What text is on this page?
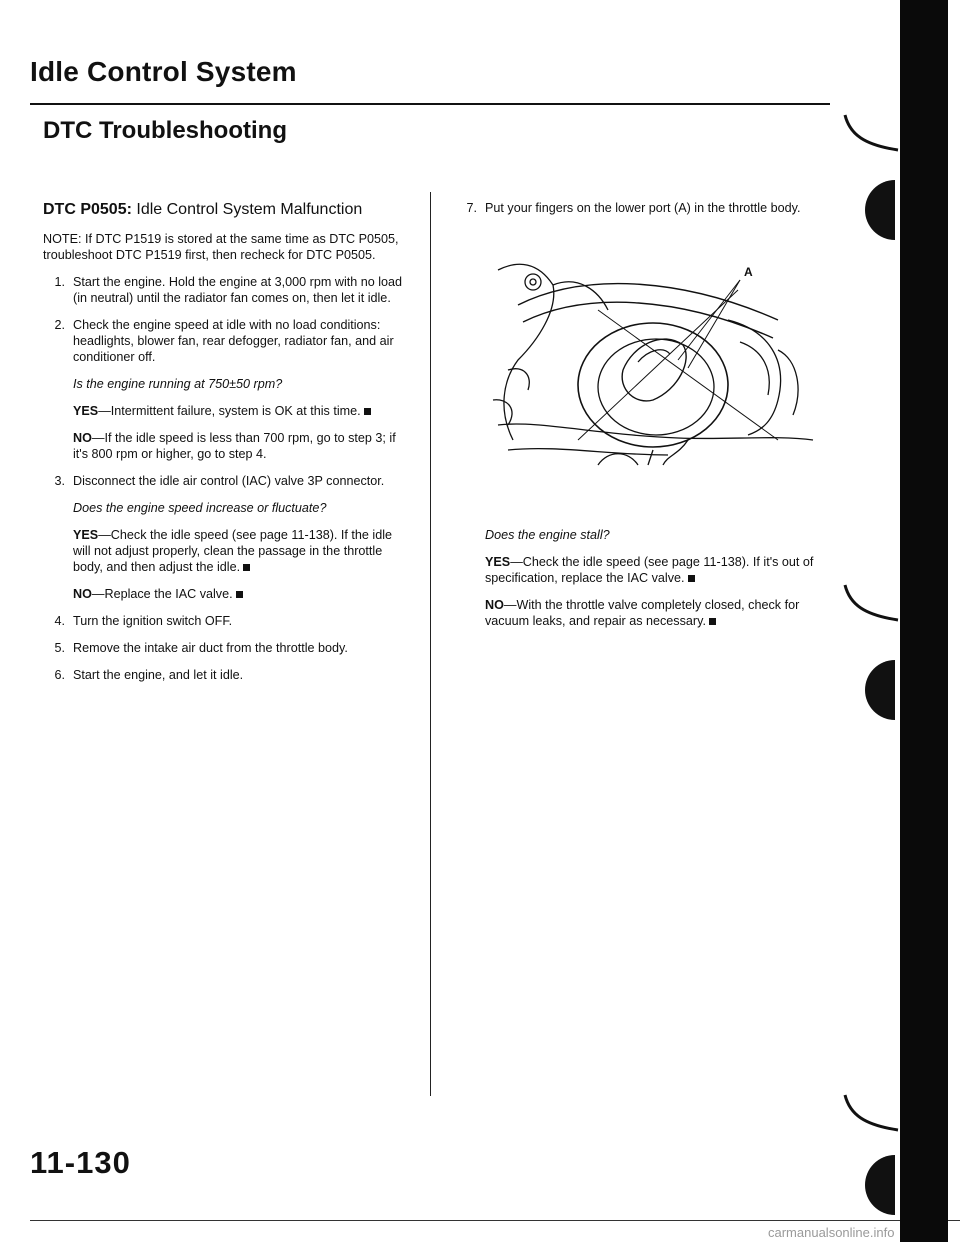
Idle Control System
DTC Troubleshooting
DTC P0505: Idle Control System Malfunction
NOTE: If DTC P1519 is stored at the same time as DTC P0505, troubleshoot DTC P1519 first, then recheck for DTC P0505.
1. Start the engine. Hold the engine at 3,000 rpm with no load (in neutral) until the radiator fan comes on, then let it idle.
2. Check the engine speed at idle with no load conditions: headlights, blower fan, rear defogger, radiator fan, and air conditioner off.
Is the engine running at 750±50 rpm?
YES—Intermittent failure, system is OK at this time.
NO—If the idle speed is less than 700 rpm, go to step 3; if it's 800 rpm or higher, go to step 4.
3. Disconnect the idle air control (IAC) valve 3P connector.
Does the engine speed increase or fluctuate?
YES—Check the idle speed (see page 11-138). If the idle will not adjust properly, clean the passage in the throttle body, and then adjust the idle.
NO—Replace the IAC valve.
4. Turn the ignition switch OFF.
5. Remove the intake air duct from the throttle body.
6. Start the engine, and let it idle.
7. Put your fingers on the lower port (A) in the throttle body.
A
Does the engine stall?
YES—Check the idle speed (see page 11-138). If it's out of specification, replace the IAC valve.
NO—With the throttle valve completely closed, check for vacuum leaks, and repair as necessary.
11-130
carmanualsonline.info
